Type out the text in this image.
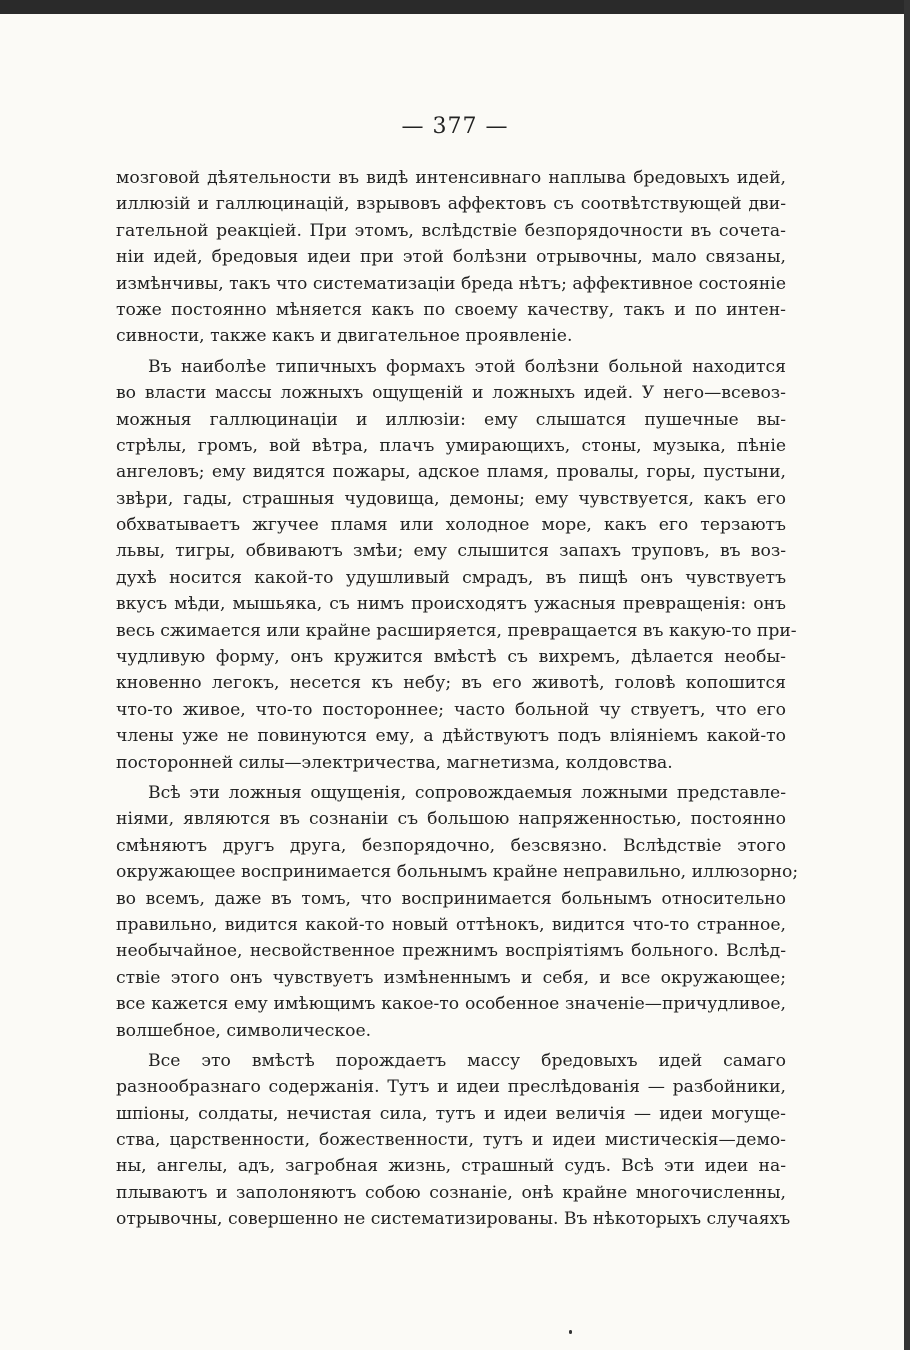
— 377 —
мозговой дѣятельности въ видѣ интенсивнаго наплыва бредовыхъ идей,
иллюзій и галлюцинацій, взрывовъ аффектовъ съ соотвѣтствующей дви-
гательной реакціей. При этомъ, вслѣдствіе безпорядочности въ сочета-
ніи идей, бредовыя идеи при этой болѣзни отрывочны, мало связаны,
измѣнчивы, такъ что систематизаціи бреда нѣтъ; аффективное состояніе
тоже постоянно мѣняется какъ по своему качеству, такъ и по интен-
сивности, также какъ и двигательное проявленіе.
Въ наиболѣе типичныхъ формахъ этой болѣзни больной находится
во власти массы ложныхъ ощущеній и ложныхъ идей. У него—всевоз-
можныя галлюцинаціи и иллюзіи: ему слышатся пушечные вы-
стрѣлы, громъ, вой вѣтра, плачъ умирающихъ, стоны, музыка, пѣніе
ангеловъ; ему видятся пожары, адское пламя, провалы, горы, пустыни,
звѣри, гады, страшныя чудовища, демоны; ему чувствуется, какъ его
обхватываетъ жгучее пламя или холодное море, какъ его терзаютъ
львы, тигры, обвиваютъ змѣи; ему слышится запахъ труповъ, въ воз-
духѣ носится какой-то удушливый смрадъ, въ пищѣ онъ чувствуетъ
вкусъ мѣди, мышьяка, съ нимъ происходятъ ужасныя превращенія: онъ
весь сжимается или крайне расширяется, превращается въ какую-то при-
чудливую форму, онъ кружится вмѣстѣ съ вихремъ, дѣлается необы-
кновенно легокъ, несется къ небу; въ его животѣ, головѣ копошится
что-то живое, что-то постороннее; часто больной чу ствуетъ, что его
члены уже не повинуются ему, а дѣйствуютъ подъ вліяніемъ какой-то
посторонней силы—электричества, магнетизма, колдовства.
Всѣ эти ложныя ощущенія, сопровождаемыя ложными представле-
ніями, являются въ сознаніи съ большою напряженностью, постоянно
смѣняютъ другъ друга, безпорядочно, безсвязно. Вслѣдствіе этого
окружающее воспринимается больнымъ крайне неправильно, иллюзорно;
во всемъ, даже въ томъ, что воспринимается больнымъ относительно
правильно, видится какой-то новый оттѣнокъ, видится что-то странное,
необычайное, несвойственное прежнимъ воспріятіямъ больного. Вслѣд-
ствіе этого онъ чувствуетъ измѣненнымъ и себя, и все окружающее;
все кажется ему имѣющимъ какое-то особенное значеніе—причудливое,
волшебное, символическое.
Все это вмѣстѣ порождаетъ массу бредовыхъ идей самаго
разнообразнаго содержанія. Тутъ и идеи преслѣдованія — разбойники,
шпіоны, солдаты, нечистая сила, тутъ и идеи величія — идеи могуще-
ства, царственности, божественности, тутъ и идеи мистическія—демо-
ны, ангелы, адъ, загробная жизнь, страшный судъ. Всѣ эти идеи на-
плываютъ и заполоняютъ собою сознаніе, онѣ крайне многочисленны,
отрывочны, совершенно не систематизированы. Въ нѣкоторыхъ случаяхъ
